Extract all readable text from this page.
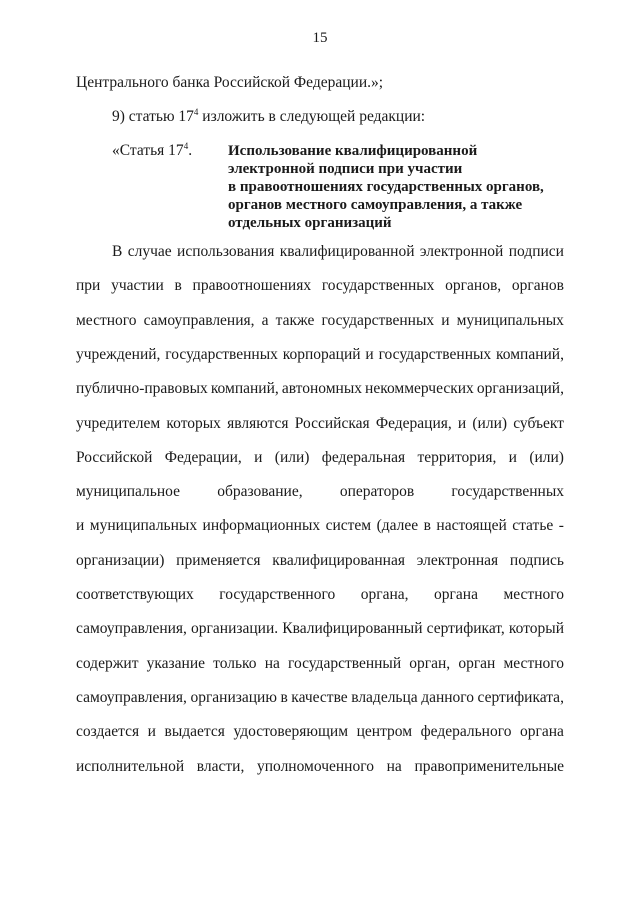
15
Центрального банка Российской Федерации.»;
9) статью $17^4$ изложить в следующей редакции:
«Статья $17^4$. Использование квалифицированной
электронной подписи при участии
в правоотношениях государственных органов,
органов местного самоуправления, а также
отдельных организаций
В случае использования квалифицированной электронной подписи
при участии в правоотношениях государственных органов, органов
местного самоуправления, а также государственных и муниципальных
учреждений, государственных корпораций и государственных компаний,
публично-правовых компаний, автономных некоммерческих организаций,
учредителем которых являются Российская Федерация, и (или) субъект
Российской Федерации, и (или) федеральная территория, и (или)
муниципальное образование, операторов государственных
и муниципальных информационных систем (далее в настоящей статье -
организации) применяется квалифицированная электронная подпись
соответствующих государственного органа, органа местного
самоуправления, организации. Квалифицированный сертификат, который
содержит указание только на государственный орган, орган местного
самоуправления, организацию в качестве владельца данного сертификата,
создается и выдается удостоверяющим центром федерального органа
исполнительной власти, уполномоченного на правоприменительные
